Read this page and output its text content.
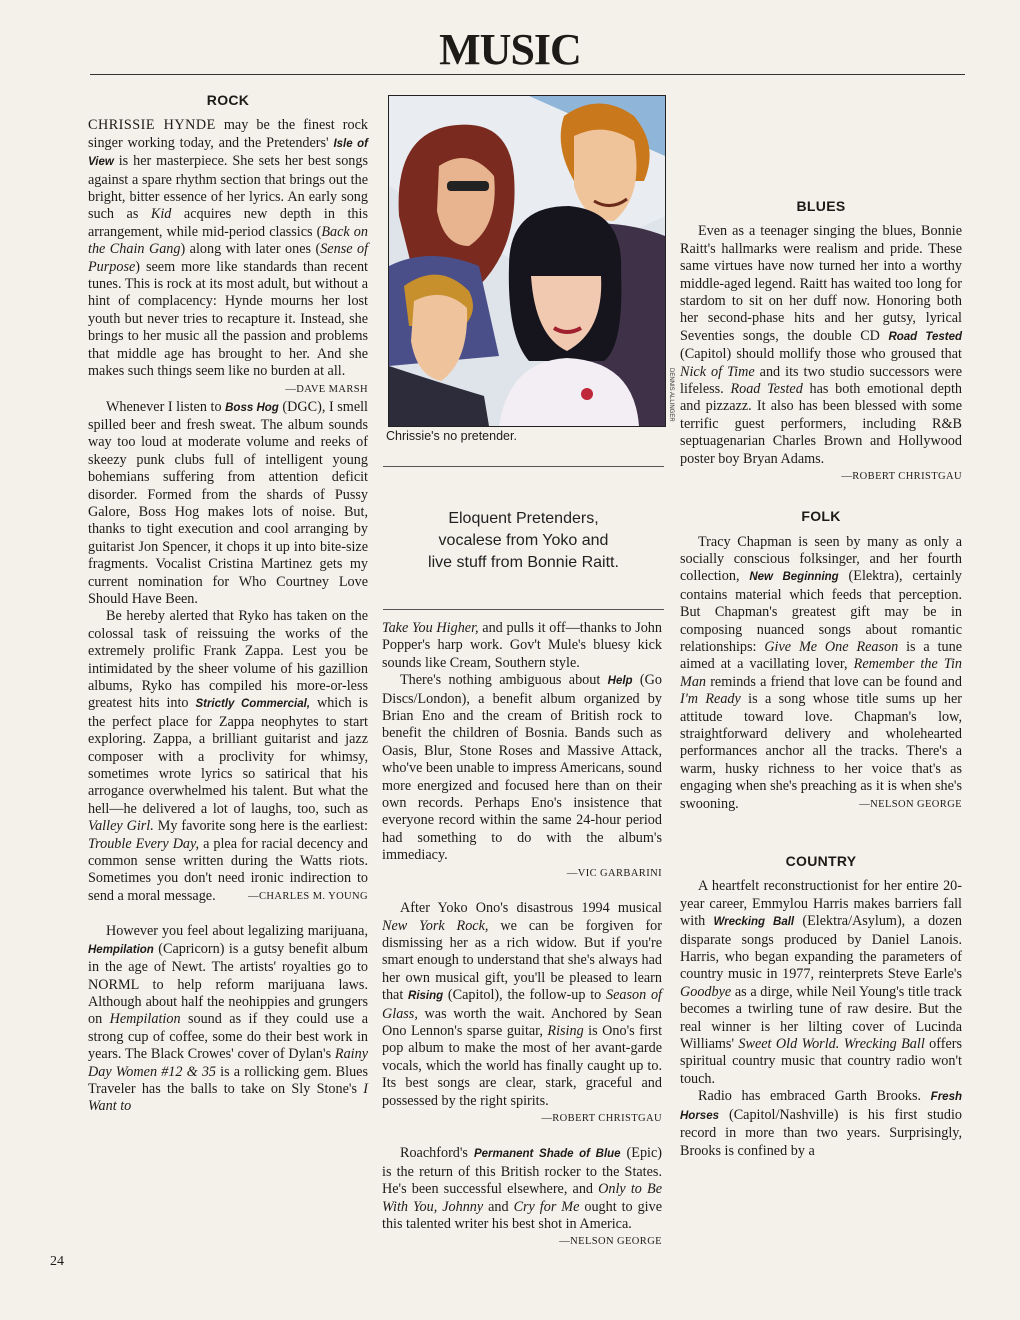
MUSIC
ROCK

CHRISSIE HYNDE may be the finest rock singer working today, and the Pretenders' Isle of View is her masterpiece. She sets her best songs against a spare rhythm section that brings out the bright, bitter essence of her lyrics. An early song such as Kid acquires new depth in this arrangement, while mid-period classics (Back on the Chain Gang) along with later ones (Sense of Purpose) seem more like standards than recent tunes. This is rock at its most adult, but without a hint of complacency: Hynde mourns her lost youth but never tries to recapture it. Instead, she brings to her music all the passion and problems that middle age has brought to her. And she makes such things seem like no burden at all.
—DAVE MARSH

Whenever I listen to Boss Hog (DGC), I smell spilled beer and fresh sweat. The album sounds way too loud at moderate volume and reeks of skeezy punk clubs full of intelligent young bohemians suffering from attention deficit disorder. Formed from the shards of Pussy Galore, Boss Hog makes lots of noise. But, thanks to tight execution and cool arranging by guitarist Jon Spencer, it chops it up into bite-size fragments. Vocalist Cristina Martinez gets my current nomination for Who Courtney Love Should Have Been.

Be hereby alerted that Ryko has taken on the colossal task of reissuing the works of the extremely prolific Frank Zappa. Lest you be intimidated by the sheer volume of his gazillion albums, Ryko has compiled his more-or-less greatest hits into Strictly Commercial, which is the perfect place for Zappa neophytes to start exploring. Zappa, a brilliant guitarist and jazz composer with a proclivity for whimsy, sometimes wrote lyrics so satirical that his arrogance overwhelmed his talent. But what the hell—he delivered a lot of laughs, too, such as Valley Girl. My favorite song here is the earliest: Trouble Every Day, a plea for racial decency and common sense written during the Watts riots. Sometimes you don't need ironic indirection to send a moral message.	—CHARLES M. YOUNG

However you feel about legalizing marijuana, Hempilation (Capricorn) is a gutsy benefit album in the age of Newt. The artists' royalties go to NORML to help reform marijuana laws. Although about half the neohippies and grungers on Hempilation sound as if they could use a strong cup of coffee, some do their best work in years. The Black Crowes' cover of Dylan's Rainy Day Women #12 & 35 is a rollicking gem. Blues Traveler has the balls to take on Sly Stone's I Want to

24
DENNIS ALLINGER
Chrissie's no pretender.
Eloquent Pretenders,
vocalese from Yoko and
live stuff from Bonnie Raitt.

Take You Higher, and pulls it off—thanks to John Popper's harp work. Gov't Mule's bluesy kick sounds like Cream, Southern style.

There's nothing ambiguous about Help (Go Discs/London), a benefit album organized by Brian Eno and the cream of British rock to benefit the children of Bosnia. Bands such as Oasis, Blur, Stone Roses and Massive Attack, who've been unable to impress Americans, sound more energized and focused here than on their own records. Perhaps Eno's insistence that everyone record within the same 24-hour period had something to do with the album's immediacy.

—VIC GARBARINI

After Yoko Ono's disastrous 1994 musical New York Rock, we can be forgiven for dismissing her as a rich widow. But if you're smart enough to understand that she's always had her own musical gift, you'll be pleased to learn that Rising (Capitol), the follow-up to Season of Glass, was worth the wait. Anchored by Sean Ono Lennon's sparse guitar, Rising is Ono's first pop album to make the most of her avant-garde vocals, which the world has finally caught up to. Its best songs are clear, stark, graceful and possessed by the right spirits.

—ROBERT CHRISTGAU

Roachford's Permanent Shade of Blue (Epic) is the return of this British rocker to the States. He's been successful elsewhere, and Only to Be With You, Johnny and Cry for Me ought to give this talented writer his best shot in America.

—NELSON GEORGE

BLUES

Even as a teenager singing the blues, Bonnie Raitt's hallmarks were realism and pride. These same virtues have now turned her into a worthy middle-aged legend. Raitt has waited too long for stardom to sit on her duff now. Honoring both her second-phase hits and her gutsy, lyrical Seventies songs, the double CD Road Tested (Capitol) should mollify those who groused that Nick of Time and its two studio successors were lifeless. Road Tested has both emotional depth and pizzazz. It also has been blessed with some terrific guest performers, including R&B septuagenarian Charles Brown and Hollywood poster boy Bryan Adams.
—ROBERT CHRISTGAU

FOLK

Tracy Chapman is seen by many as only a socially conscious folksinger, and her fourth collection, New Beginning (Elektra), certainly contains material which feeds that perception. But Chapman's greatest gift may be in composing nuanced songs about romantic relationships: Give Me One Reason is a tune aimed at a vacillating lover, Remember the Tin Man reminds a friend that love can be found and I'm Ready is a song whose title sums up her attitude toward love. Chapman's low, straightforward delivery and wholehearted performances anchor all the tracks. There's a warm, husky richness to her voice that's as engaging when she's preaching as it is when she's swooning.	—NELSON GEORGE

COUNTRY

A heartfelt reconstructionist for her entire 20-year career, Emmylou Harris makes barriers fall with Wrecking Ball (Elektra/Asylum), a dozen disparate songs produced by Daniel Lanois. Harris, who began expanding the parameters of country music in 1977, reinterprets Steve Earle's Goodbye as a dirge, while Neil Young's title track becomes a twirling tune of raw desire. But the real winner is her lilting cover of Lucinda Williams' Sweet Old World. Wrecking Ball offers spiritual country music that country radio won't touch.

Radio has embraced Garth Brooks. Fresh Horses (Capitol/Nashville) is his first studio record in more than two years. Surprisingly, Brooks is confined by a
